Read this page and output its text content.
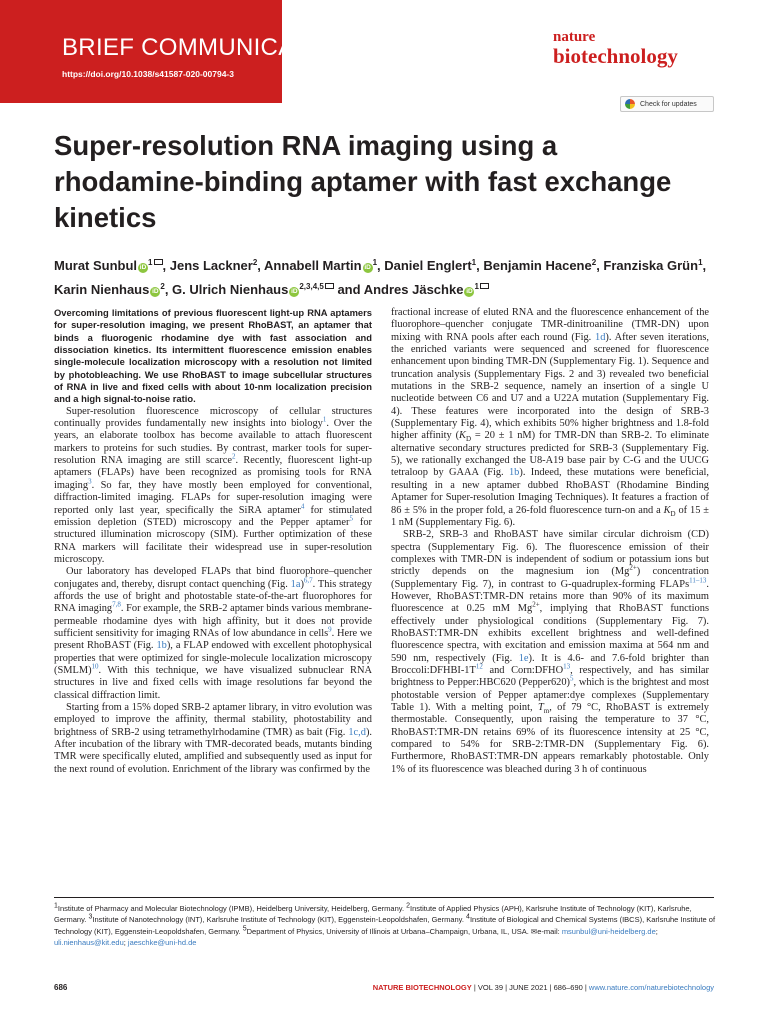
BRIEF COMMUNICATION
https://doi.org/10.1038/s41587-020-00794-3
nature
biotechnology
Check for updates
Super-resolution RNA imaging using a rhodamine-binding aptamer with fast exchange kinetics
Murat Sunbul $iD^1$ , Jens Lackner$^2$, Annabell Martin $iD^1$, Daniel Englert$^1$, Benjamin Hacene$^2$, Franziska Grün$^1$, Karin Nienhaus $iD^2$, G. Ulrich Nienhaus iD$^{2,3,4,5}$ and Andres Jäschke $iD^1$

Overcoming limitations of previous fluorescent light-up RNA aptamers for super-resolution imaging, we present RhoBAST, an aptamer that binds a fluorogenic rhodamine dye with fast association and dissociation kinetics. Its intermittent fluorescence emission enables single-molecule localization microscopy with a resolution not limited by photobleaching. We use RhoBAST to image subcellular structures of RNA in live and fixed cells with about 10-nm localization precision and a high signal-to-noise ratio.

Super-resolution fluorescence microscopy of cellular structures continually provides fundamentally new insights into biology$^1$. Over the years, an elaborate toolbox has become available to attach fluorescent markers to proteins for such studies. By contrast, marker tools for super-resolution RNA imaging are still scarce$^2$. Recently, fluorescent light-up aptamers (FLAPs) have been recognized as promising tools for RNA imaging$^3$. So far, they have mostly been employed for conventional, diffraction-limited imaging. FLAPs for super-resolution imaging were reported only last year, specifically the SiRA aptamer$^4$ for stimulated emission depletion (STED) microscopy and the Pepper aptamer$^5$ for structured illumination microscopy (SIM). Further optimization of these RNA markers will facilitate their widespread use in super-resolution microscopy.

Our laboratory has developed FLAPs that bind fluorophore–quencher conjugates and, thereby, disrupt contact quenching (Fig. 1a)$^{6,7}$. This strategy affords the use of bright and photostable state-of-the-art fluorophores for RNA imaging$^{7,8}$. For example, the SRB-2 aptamer binds various membrane-permeable rhodamine dyes with high affinity, but it does not provide sufficient sensitivity for imaging RNAs of low abundance in cells$^9$. Here we present RhoBAST (Fig. 1b), a FLAP endowed with excellent photophysical properties that were optimized for single-molecule localization microscopy (SMLM)$^{10}$. With this technique, we have visualized subnuclear RNA structures in live and fixed cells with image resolutions far beyond the classical diffraction limit.

Starting from a 15% doped SRB-2 aptamer library, in vitro evolution was employed to improve the affinity, thermal stability, photostability and brightness of SRB-2 using tetramethylrhodamine (TMR) as bait (Fig. 1c,d). After incubation of the library with TMR-decorated beads, mutants binding TMR were specifically eluted, amplified and subsequently used as input for the next round of evolution. Enrichment of the library was confirmed by the

fractional increase of eluted RNA and the fluorescence enhancement of the fluorophore–quencher conjugate TMR-dinitroaniline (TMR-DN) upon mixing with RNA pools after each round (Fig. 1d). After seven iterations, the enriched variants were sequenced and screened for fluorescence enhancement upon binding TMR-DN (Supplementary Fig. 1). Sequence and truncation analysis (Supplementary Figs. 2 and 3) revealed two beneficial mutations in the SRB-2 sequence, namely an insertion of a single U nucleotide between C6 and U7 and a U22A mutation (Supplementary Fig. 4). These features were incorporated into the design of SRB-3 (Supplementary Fig. 4), which exhibits 50% higher brightness and 1.8-fold higher affinity ($K_D = 20 \pm 1$ nM) for TMR-DN than SRB-2. To eliminate alternative secondary structures predicted for SRB-3 (Supplementary Fig. 5), we rationally exchanged the U8-A19 base pair by C-G and the UUCG tetraloop by GAAA (Fig. 1b). Indeed, these mutations were beneficial, resulting in a new aptamer dubbed RhoBAST (Rhodamine Binding Aptamer for Super-resolution Imaging Techniques). It features a fraction of 86 ± 5% in the proper fold, a 26-fold fluorescence turn-on and a $K_D$ of 15 ± 1 nM (Supplementary Fig. 6).

SRB-2, SRB-3 and RhoBAST have similar circular dichroism (CD) spectra (Supplementary Fig. 6). The fluorescence emission of their complexes with TMR-DN is independent of sodium or potassium ions but strictly depends on the magnesium ion $(Mg^{2+})$ concentration (Supplementary Fig. 7), in contrast to G-quadruplex-forming FLAPs$^{11-13}$. However, RhoBAST:TMR-DN retains more than 90% of its maximum fluorescence at 0.25 mM $Mg^{2+}$, implying that RhoBAST functions effectively under physiological conditions (Supplementary Fig. 7). RhoBAST:TMR-DN exhibits excellent brightness and well-defined fluorescence spectra, with excitation and emission maxima at 564 nm and 590 nm, respectively (Fig. 1e). It is 4.6- and 7.6-fold brighter than Broccoli:DFHBI-1T$^{12}$ and Corn:DFHO$^{13}$, respectively, and has similar brightness to Pepper:HBC620 (Pepper620)$^5$, which is the brightest and most photostable version of Pepper aptamer:dye complexes (Supplementary Table 1). With a melting point, $T_m$, of 79 °C, RhoBAST is extremely thermostable. Consequently, upon raising the temperature to 37 °C, RhoBAST:TMR-DN retains 69% of its fluorescence intensity at 25 °C, compared to 54% for SRB-2:TMR-DN (Supplementary Fig. 6). Furthermore, RhoBAST:TMR-DN appears remarkably photostable. Only 1% of its fluorescence was bleached during 3 h of continuous

$^1$Institute of Pharmacy and Molecular Biotechnology (IPMB), Heidelberg University, Heidelberg, Germany. $^2$Institute of Applied Physics (APH), Karlsruhe Institute of Technology (KIT), Karlsruhe, Germany. $^3$Institute of Nanotechnology (INT), Karlsruhe Institute of Technology (KIT), Eggenstein-Leopoldshafen, Germany. $^4$Institute of Biological and Chemical Systems (IBCS), Karlsruhe Institute of Technology (KIT), Eggenstein-Leopoldshafen, Germany. $^5$Department of Physics, University of Illinois at Urbana–Champaign, Urbana, IL, USA. ✉e-mail: msunbul@uni-heidelberg.de; uli.nienhaus@kit.edu; jaeschke@uni-hd.de
686	NATURE BIOTECHNOLOGY | VOL 39 | JUNE 2021 | 686–690 | www.nature.com/naturebiotechnology
